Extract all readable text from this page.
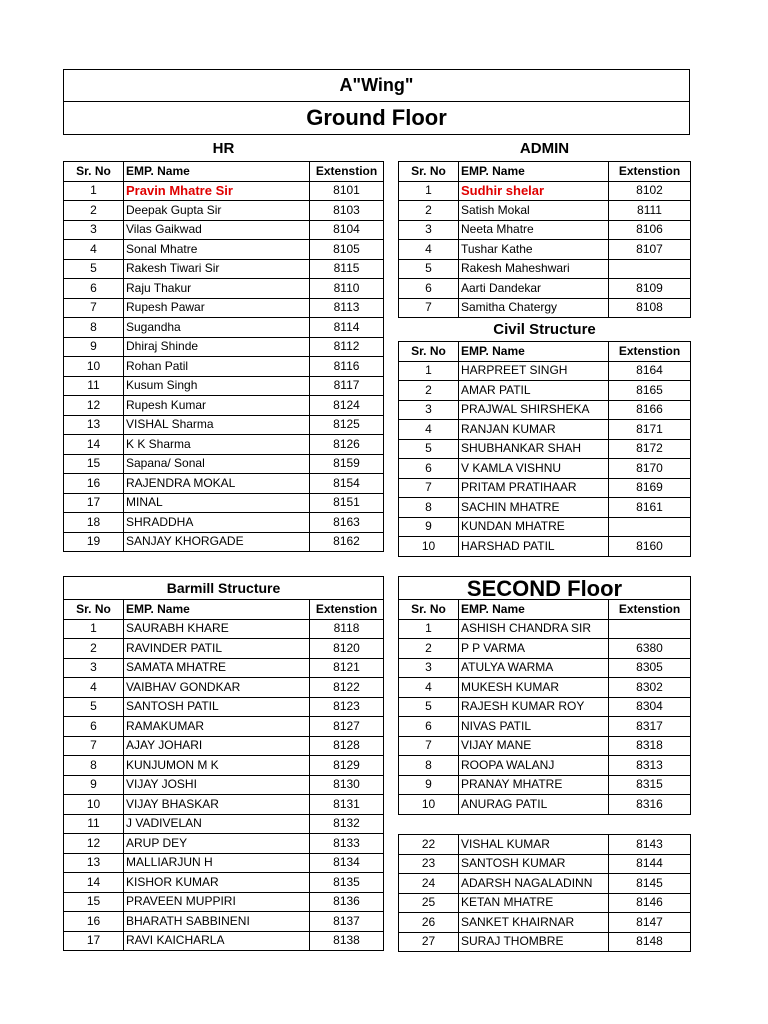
A"Wing"
Ground Floor
HR		
Sr. No	EMP. Name	Extenstion
1	Pravin Mhatre Sir	8101
2	Deepak Gupta Sir	8103
3	Vilas Gaikwad	8104
4	Sonal Mhatre	8105
5	Rakesh Tiwari Sir	8115
6	Raju Thakur	8110
7	Rupesh Pawar	8113
8	Sugandha	8114
9	Dhiraj Shinde	8112
10	Rohan Patil	8116
11	Kusum Singh	8117
12	Rupesh Kumar	8124
13	VISHAL Sharma	8125
14	K K Sharma	8126
15	Sapana/ Sonal	8159
16	RAJENDRA MOKAL	8154
17	MINAL	8151
18	SHRADDHA	8163
19	SANJAY KHORGADE	8162
ADMIN		
Sr. No	EMP. Name	Extenstion
1	Sudhir shelar	8102
2	Satish Mokal	8111
3	Neeta Mhatre	8106
4	Tushar Kathe	8107
5	Rakesh Maheshwari	
6	Aarti Dandekar	8109
7	Samitha Chatergy	8108
Civil Structure		
Sr. No	EMP. Name	Extenstion
1	HARPREET SINGH	8164
2	AMAR PATIL	8165
3	PRAJWAL SHIRSHEKA	8166
4	RANJAN KUMAR	8171
5	SHUBHANKAR SHAH	8172
6	V KAMLA VISHNU	8170
7	PRITAM PRATIHAAR	8169
8	SACHIN MHATRE	8161
9	KUNDAN MHATRE	
10	HARSHAD PATIL	8160
Barmill Structure		
Sr. No	EMP. Name	Extenstion
1	SAURABH KHARE	8118
2	RAVINDER PATIL	8120
3	SAMATA MHATRE	8121
4	VAIBHAV GONDKAR	8122
5	SANTOSH PATIL	8123
6	RAMAKUMAR	8127
7	AJAY JOHARI	8128
8	KUNJUMON M K	8129
9	VIJAY JOSHI	8130
10	VIJAY BHASKAR	8131
11	J VADIVELAN	8132
12	ARUP DEY	8133
13	MALLIARJUN H	8134
14	KISHOR KUMAR	8135
15	PRAVEEN MUPPIRI	8136
16	BHARATH SABBINENI	8137
17	RAVI KAICHARLA	8138
SECOND Floor		
Sr. No	EMP. Name	Extenstion
1	ASHISH CHANDRA SIR	
2	P P VARMA	6380
3	ATULYA WARMA	8305
4	MUKESH KUMAR	8302
5	RAJESH KUMAR ROY	8304
6	NIVAS PATIL	8317
7	VIJAY MANE	8318
8	ROOPA WALANJ	8313
9	PRANAY MHATRE	8315
10	ANURAG PATIL	8316
22	VISHAL KUMAR	8143
23	SANTOSH KUMAR	8144
24	ADARSH NAGALADINN	8145
25	KETAN MHATRE	8146
26	SANKET KHAIRNAR	8147
27	SURAJ THOMBRE	8148
